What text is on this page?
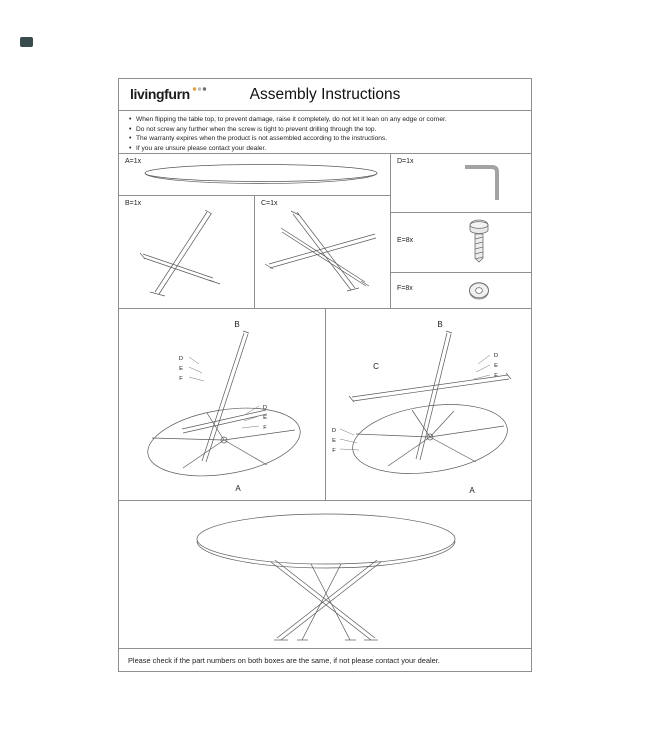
livingfurn	Assembly Instructions
• When flipping the table top, to prevent damage, raise it completely, do not let it lean on any edge or corner.
• Do not screw any further when the screw is tight to prevent drilling through the top.
• The warranty expires when the product is not assembled according to the instructions.
• If you are unsure please contact your dealer.
A=1x
B=1x	C=1x
D=1x
E=8x
F=8x
B
A
D
E
F
D
E
F
B
C
A
D
E
F
D
E
F
Please check if the part numbers on both boxes are the same, if not please contact your dealer.
